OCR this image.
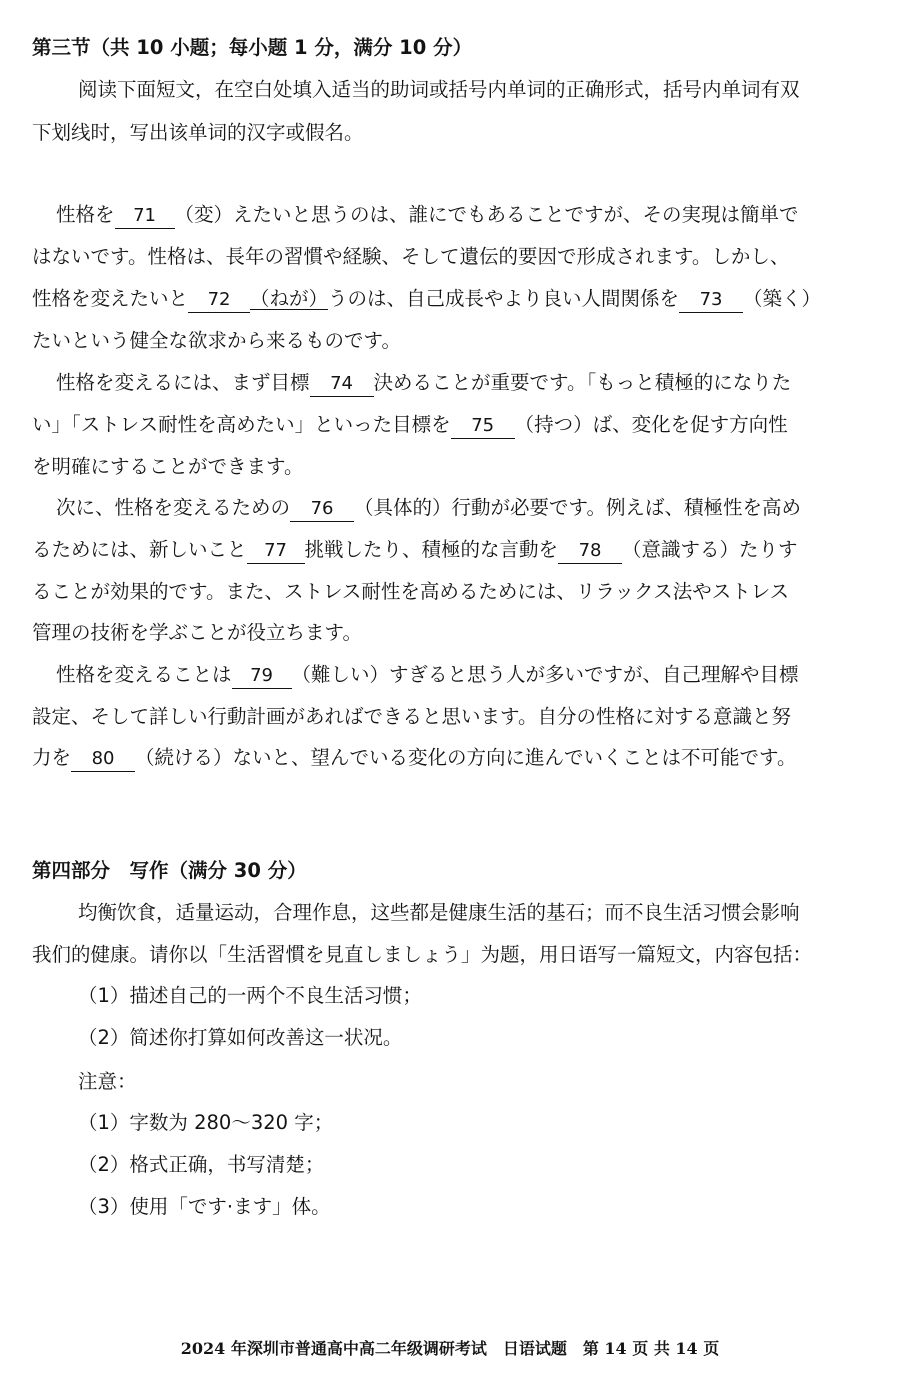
第三节（共 10 小题；每小题 1 分，满分 10 分）
阅读下面短文，在空白处填入适当的助词或括号内单词的正确形式，括号内单词有双
下划线时，写出该单词的汉字或假名。
性格を 71 （変）えたいと思うのは、誰にでもあることですが、その実現は簡単で
はないです。性格は、長年の習慣や経験、そして遺伝的要因で形成されます。しかし、
性格を変えたいと 72 （ねが）うのは、自己成長やより良い人間関係を 73 （築く）
たいという健全な欲求から来るものです。
性格を変えるには、まず目標 74 決めることが重要です。「もっと積極的になりた
い」「ストレス耐性を高めたい」といった目標を 75 （持つ）ば、変化を促す方向性
を明確にすることができます。
次に、性格を変えるための 76 （具体的）行動が必要です。例えば、積極性を高め
るためには、新しいこと 77 挑戦したり、積極的な言動を 78 （意識する）たりす
ることが効果的です。また、ストレス耐性を高めるためには、リラックス法やストレス
管理の技術を学ぶことが役立ちます。
性格を変えることは 79 （難しい）すぎると思う人が多いですが、自己理解や目標
設定、そして詳しい行動計画があればできると思います。自分の性格に対する意識と努
力を 80 （続ける）ないと、望んでいる変化の方向に進んでいくことは不可能です。
第四部分　写作（满分 30 分）
均衡饮食，适量运动，合理作息，这些都是健康生活的基石；而不良生活习惯会影响
我们的健康。请你以「生活習慣を見直しましょう」为题，用日语写一篇短文，内容包括：
（1）描述自己的一两个不良生活习惯；
（2）简述你打算如何改善这一状况。
注意：
（1）字数为 280～320 字；
（2）格式正确，书写清楚；
（3）使用「です·ます」体。
2024 年深圳市普通高中高二年级调研考试　日语试题　第 14 页 共 14 页
